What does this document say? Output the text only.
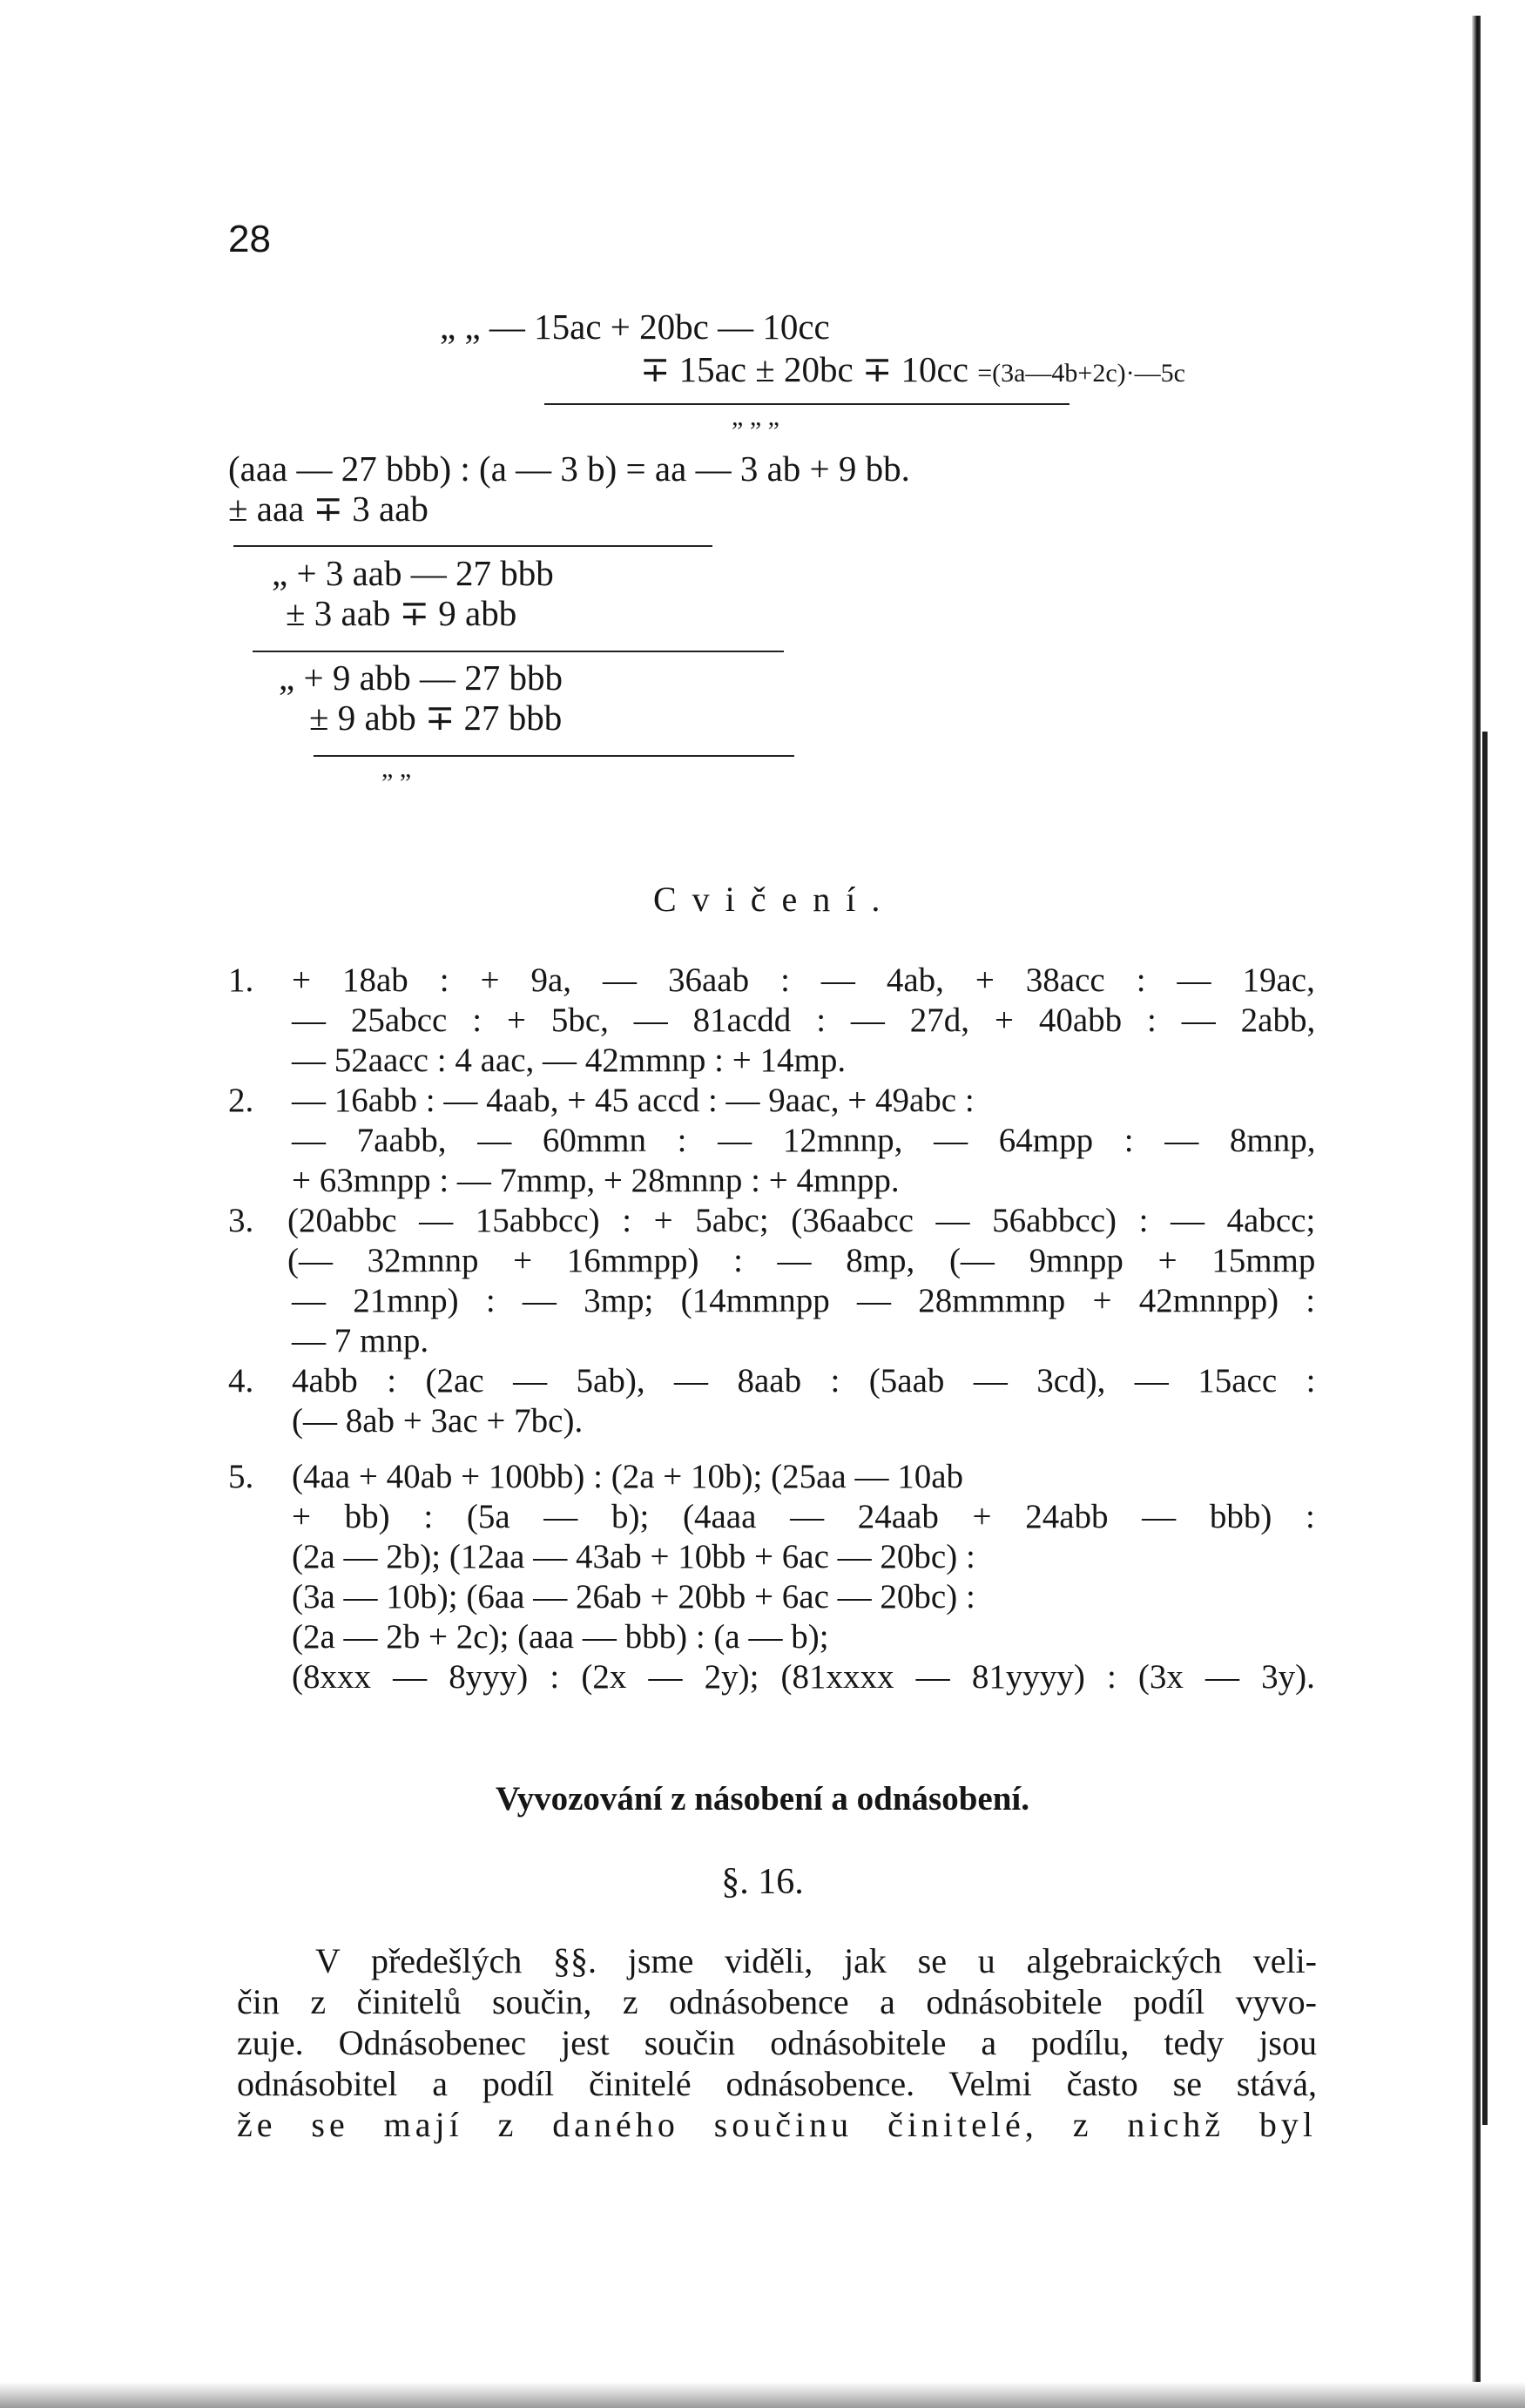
28
„ „ — 15ac + 20bc — 10cc
∓ 15ac ± 20bc ∓ 10cc =(3a—4b+2c)·—5c
„ „ „
(aaa — 27 bbb) : (a — 3 b) = aa — 3 ab + 9 bb.
± aaa ∓ 3 aab
„ + 3 aab — 27 bbb
± 3 aab ∓ 9 abb
„ + 9 abb — 27 bbb
± 9 abb ∓ 27 bbb
„ „
Cvičení.
1. + 18ab : + 9a, — 36aab : — 4ab, + 38acc : — 19ac,
— 25abcc : + 5bc, — 81acdd : — 27d, + 40abb : — 2abb,
— 52aacc : 4 aac, — 42mmnp : + 14mp.
2. — 16abb : — 4aab, + 45 accd : — 9aac, + 49abc :
— 7aabb, — 60mmn : — 12mnnp, — 64mpp : — 8mnp,
+ 63mnpp : — 7mmp, + 28mnnp : + 4mnpp.
3. (20abbc — 15abbcc) : + 5abc; (36aabcc — 56abbcc) : — 4abcc;
(— 32mnnp + 16mmpp) : — 8mp, (— 9mnpp + 15mmp
— 21mnp) : — 3mp; (14mmnpp — 28mmmnp + 42mnnpp) :
— 7 mnp.
4. 4abb : (2ac — 5ab), — 8aab : (5aab — 3cd), — 15acc :
(— 8ab + 3ac + 7bc).
5. (4aa + 40ab + 100bb) : (2a + 10b); (25aa — 10ab
+ bb) : (5a — b); (4aaa — 24aab + 24abb — bbb) :
(2a — 2b); (12aa — 43ab + 10bb + 6ac — 20bc) :
(3a — 10b); (6aa — 26ab + 20bb + 6ac — 20bc) :
(2a — 2b + 2c); (aaa — bbb) : (a — b);
(8xxx — 8yyy) : (2x — 2y); (81xxxx — 81yyyy) : (3x — 3y).
Vyvozování z násobení a odnásobení.
§. 16.
V předešlých §§. jsme viděli, jak se u algebraických veli-
čin z činitelů součin, z odnásobence a odnásobitele podíl vyvo-
zuje. Odnásobenec jest součin odnásobitele a podílu, tedy jsou
odnásobitel a podíl činitelé odnásobence. Velmi často se stává,
že se mají z daného součinu činitelé, z nichž byl
